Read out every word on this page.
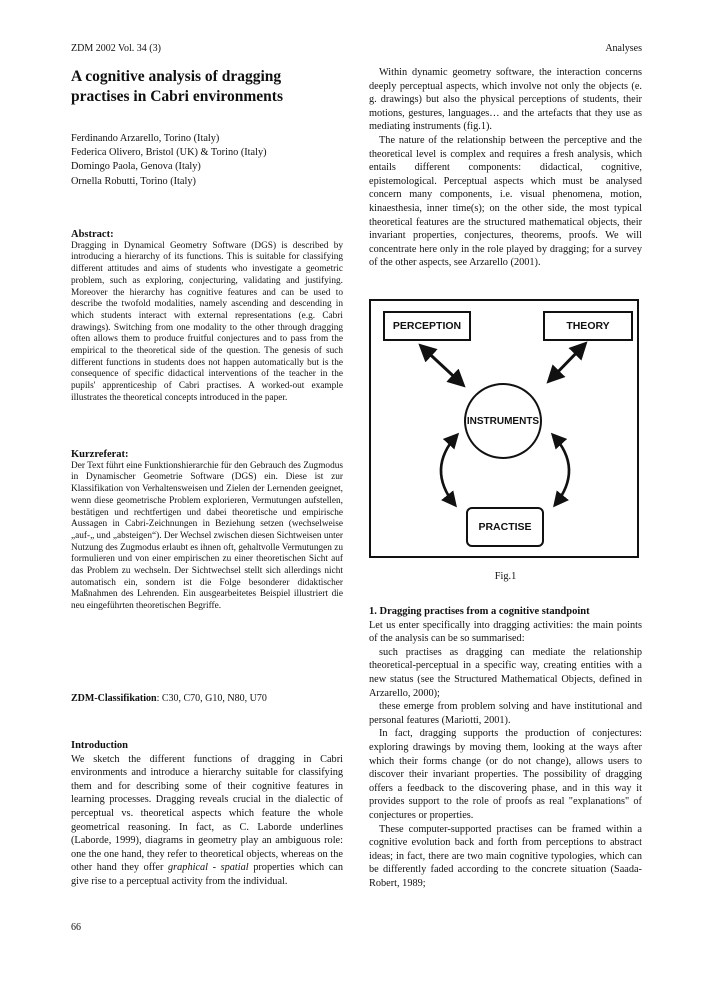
ZDM 2002 Vol. 34 (3)	Analyses
A cognitive analysis of dragging
practises in Cabri environments
Ferdinando Arzarello, Torino (Italy)
Federica Olivero, Bristol (UK) & Torino (Italy)
Domingo Paola, Genova (Italy)
Ornella Robutti, Torino (Italy)

Abstract:

Dragging in Dynamical Geometry Software (DGS) is described by introducing a hierarchy of its functions. This is suitable for classifying different attitudes and aims of students who investigate a geometric problem, such as exploring, conjecturing, validating and justifying. Moreover the hierarchy has cognitive features and can be used to describe the twofold modalities, namely ascending and descending in which students interact with external representations (e.g. Cabri drawings). Switching from one modality to the other through dragging often allows them to produce fruitful conjectures and to pass from the empirical to the theoretical side of the question. The genesis of such different functions in students does not happen automatically but is the consequence of specific didactical interventions of the teacher in the pupils' apprenticeship of Cabri practises. A worked-out example illustrates the theoretical concepts introduced in the paper.

Kurzreferat:

Der Text führt eine Funktionshierarchie für den Gebrauch des Zugmodus in Dynamischer Geometrie Software (DGS) ein. Diese ist zur Klassifikation von Verhaltensweisen und Zielen der Lernenden geeignet, wenn diese geometrische Problem explorieren, Vermutungen aufstellen, bestätigen und rechtfertigen und dabei theoretische und empirische Aussagen in Cabri-Zeichnungen in Beziehung setzen (wechselweise „auf-„ und „absteigen“). Der Wechsel zwischen diesen Sichtweisen unter Nutzung des Zugmodus erlaubt es ihnen oft, gehaltvolle Vermutungen zu formulieren und von einer empirischen zu einer theoretischen Sicht auf das Problem zu wechseln. Der Sichtwechsel stellt sich allerdings nicht automatisch ein, sondern ist die Folge besonderer didaktischer Maßnahmen des Lehrenden. Ein ausgearbeitetes Beispiel illustriert die neu eingeführten theoretischen Begriffe.

ZDM-Classifikation: C30, C70, G10, N80, U70

Introduction

We sketch the different functions of dragging in Cabri environments and introduce a hierarchy suitable for classifying them and for describing some of their cognitive features in learning processes. Dragging reveals crucial in the dialectic of perceptual vs. theoretical aspects which feature the whole geometrical reasoning. In fact, as C. Laborde underlines (Laborde, 1999), diagrams in geometry play an ambiguous role: one the one hand, they refer to theoretical objects, whereas on the other hand they offer graphical - spatial properties which can give rise to a perceptual activity from the individual.

Within dynamic geometry software, the interaction concerns deeply perceptual aspects, which involve not only the objects (e. g. drawings) but also the physical perceptions of students, their motions, gestures, languages… and the artefacts that they use as mediating instruments (fig.1).

The nature of the relationship between the perceptive and the theoretical level is complex and requires a fresh analysis, which entails different components: didactical, cognitive, epistemological. Perceptual aspects which must be analysed concern many components, i.e. visual phenomena, motion, kinaesthesia, inner time(s); on the other side, the most typical theoretical features are the structured mathematical objects, their invariant properties, conjectures, theorems, proofs. We will concentrate here only in the role played by dragging; for a survey of the other aspects, see Arzarello (2001).

PERCEPTION	THEORY
INSTRUMENTS
PRACTISE
Fig.1

1. Dragging practises from a cognitive standpoint

Let us enter specifically into dragging activities: the main points of the analysis can be so summarised:

such practises as dragging can mediate the relationship theoretical-perceptual in a specific way, creating entities with a new status (see the Structured Mathematical Objects, defined in Arzarello, 2000);

these emerge from problem solving and have institutional and personal features (Mariotti, 2001).

In fact, dragging supports the production of conjectures: exploring drawings by moving them, looking at the ways after which their forms change (or do not change), allows users to discover their invariant properties. The possibility of dragging offers a feedback to the discovering phase, and in this way it provides support to the role of proofs as real "explanations" of conjectures or properties.

These computer-supported practises can be framed within a cognitive evolution back and forth from perceptions to abstract ideas; in fact, there are two main cognitive typologies, which can be differently faded according to the concrete situation (Saada-Robert, 1989;

66
